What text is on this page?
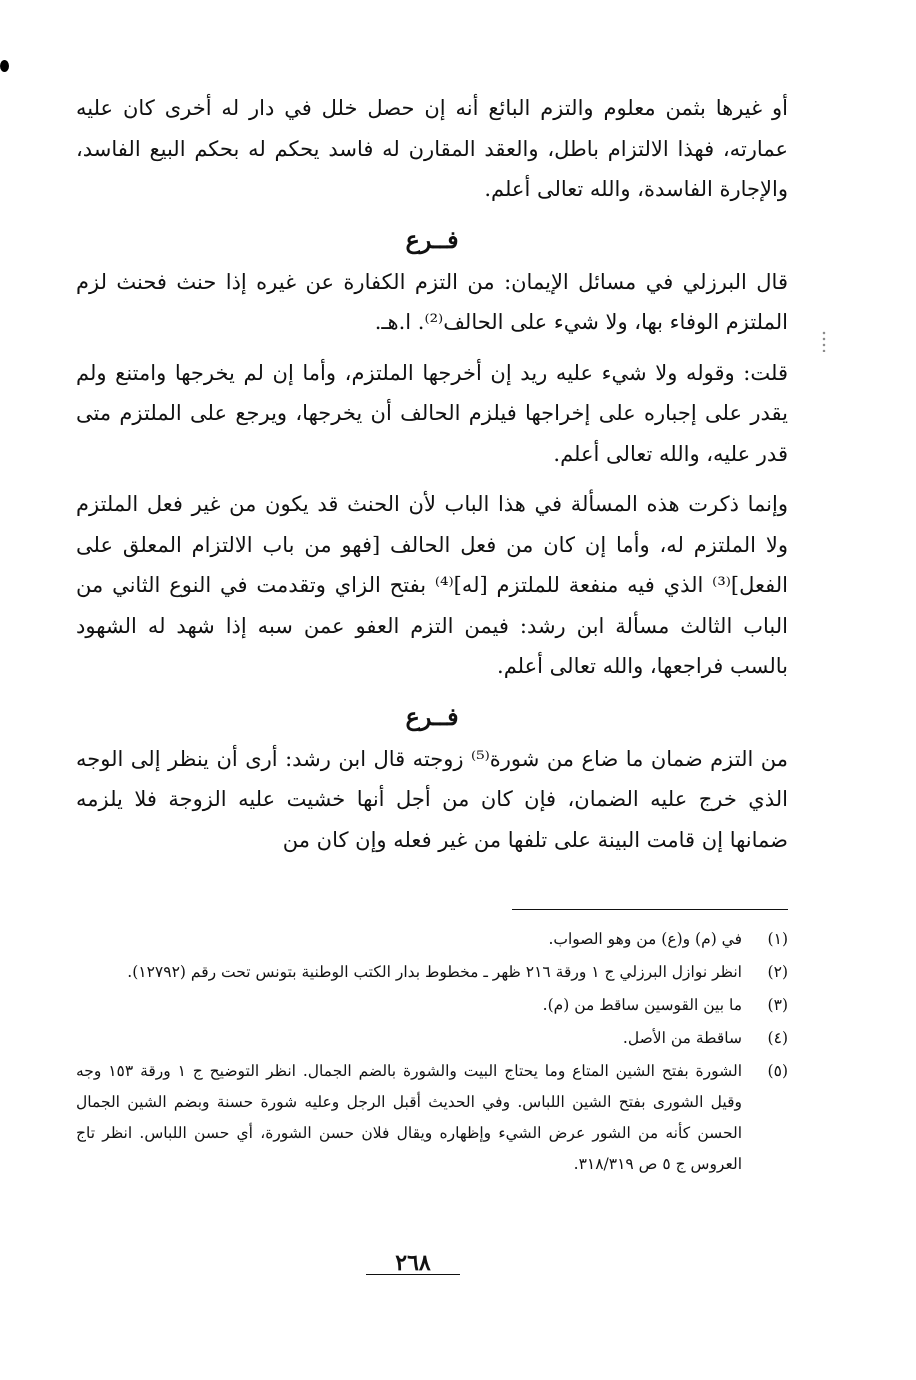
أو غيرها بثمن معلوم والتزم البائع أنه إن حصل خلل في دار له أخرى كان عليه عمارته، فهذا الالتزام باطل، والعقد المقارن له فاسد يحكم له بحكم البيع الفاسد، والإجارة الفاسدة، والله تعالى أعلم.

فــرع

قال البرزلي في مسائل الإيمان: من التزم الكفارة عن غيره إذا حنث فحنث لزم الملتزم الوفاء بها، ولا شيء على الحالف⁽²⁾. ا.هـ.

قلت: وقوله ولا شيء عليه ريد إن أخرجها الملتزم، وأما إن لم يخرجها وامتنع ولم يقدر على إجباره على إخراجها فيلزم الحالف أن يخرجها، ويرجع على الملتزم متى قدر عليه، والله تعالى أعلم.

وإنما ذكرت هذه المسألة في هذا الباب لأن الحنث قد يكون من غير فعل الملتزم ولا الملتزم له، وأما إن كان من فعل الحالف [فهو من باب الالتزام المعلق على الفعل]⁽³⁾ الذي فيه منفعة للملتزم [له]⁽⁴⁾ بفتح الزاي وتقدمت في النوع الثاني من الباب الثالث مسألة ابن رشد: فيمن التزم العفو عمن سبه إذا شهد له الشهود بالسب فراجعها، والله تعالى أعلم.

فــرع

من التزم ضمان ما ضاع من شورة⁽⁵⁾ زوجته قال ابن رشد: أرى أن ينظر إلى الوجه الذي خرج عليه الضمان، فإن كان من أجل أنها خشيت عليه الزوجة فلا يلزمه ضمانها إن قامت البينة على تلفها من غير فعله وإن كان من

(١)
في (م) و(ع) من وهو الصواب.
(٢)
انظر نوازل البرزلي ج ١ ورقة ٢١٦ ظهر ـ مخطوط بدار الكتب الوطنية بتونس تحت رقم (١٢٧٩٢).
(٣)
ما بين القوسين ساقط من (م).
(٤)
ساقطة من الأصل.
(٥)
الشورة بفتح الشين المتاع وما يحتاج البيت والشورة بالضم الجمال. انظر التوضيح ج ١ ورقة ١٥٣ وجه وقيل الشورى بفتح الشين اللباس. وفي الحديث أقبل الرجل وعليه شورة حسنة وبضم الشين الجمال الحسن كأنه من الشور عرض الشيء وإظهاره ويقال فلان حسن الشورة، أي حسن اللباس. انظر تاج العروس ج ٥ ص ٣١٨/٣١٩.
٢٦٨
